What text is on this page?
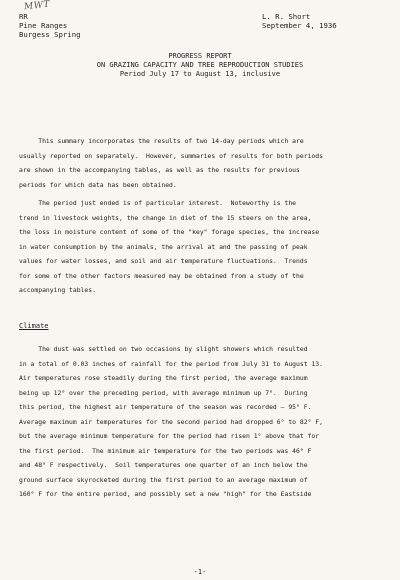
MWT
RR
Pine Ranges
Burgess Spring
L. R. Short
September 4, 1936
PROGRESS REPORT
ON GRAZING CAPACITY AND TREE REPRODUCTION STUDIES
Period July 17 to August 13, inclusive
This summary incorporates the results of two 14-day periods which are
usually reported on separately.  However, summaries of results for both periods
are shown in the accompanying tables, as well as the results for previous
periods for which data has been obtained.
The period just ended is of particular interest.  Noteworthy is the
trend in livestock weights, the change in diet of the 15 steers on the area,
the loss in moisture content of some of the "key" forage species, the increase
in water consumption by the animals, the arrival at and the passing of peak
values for water losses, and soil and air temperature fluctuations.  Trends
for some of the other factors measured may be obtained from a study of the
accompanying tables.
Climate
The dust was settled on two occasions by slight showers which resulted
in a total of 0.03 inches of rainfall for the period from July 31 to August 13.
Air temperatures rose steadily during the first period, the average maximum
being up 12° over the preceding period, with average minimum up 7°.  During
this period, the highest air temperature of the season was recorded — 95° F.
Average maximum air temperatures for the second period had dropped 6° to 82° F,
but the average minimum temperature for the period had risen 1° above that for
the first period.  The minimum air temperature for the two periods was 46° F
and 48° F respectively.  Soil temperatures one quarter of an inch below the
ground surface skyrocketed during the first period to an average maximum of
160° F for the entire period, and possibly set a new "high" for the Eastside
-1-
